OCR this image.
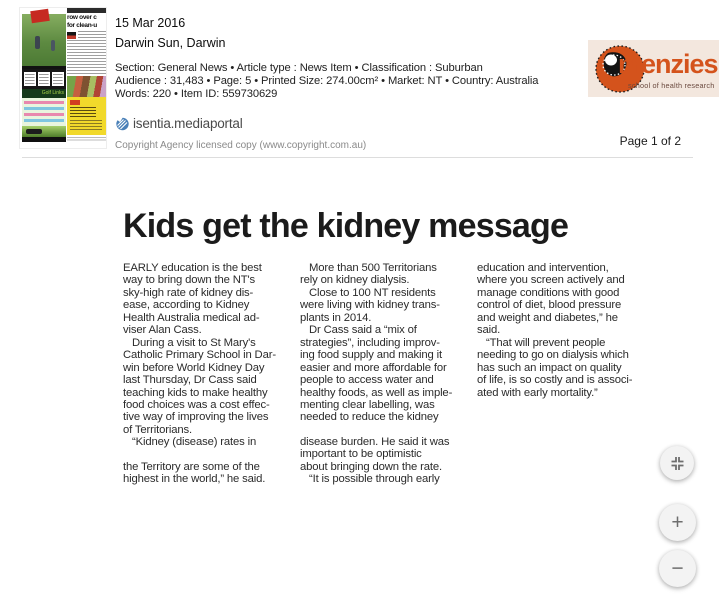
Golf Links
row over c
for clean-u	15 Mar 2016
Darwin Sun, Darwin
Section: General News • Article type : News Item • Classification : Suburban
Audience : 31,483 • Page: 5 • Printed Size: 274.00cm² • Market: NT • Country: Australia
Words: 220 • Item ID: 559730629
isentia.mediaportal
Copyright Agency licensed copy (www.copyright.com.au)
menzies
school of health research
Page 1 of 2
Kids get the kidney message
EARLY education is the best
way to bring down the NT's
sky-high rate of kidney dis-
ease, according to Kidney
Health Australia medical ad-
viser Alan Cass.
During a visit to St Mary's
Catholic Primary School in Dar-
win before World Kidney Day
last Thursday, Dr Cass said
teaching kids to make healthy
food choices was a cost effec-
tive way of improving the lives
of Territorians.
“Kidney (disease) rates in
the Territory are some of the
highest in the world,” he said.
More than 500 Territorians
rely on kidney dialysis.
Close to 100 NT residents
were living with kidney trans-
plants in 2014.
Dr Cass said a “mix of
strategies”, including improv-
ing food supply and making it
easier and more affordable for
people to access water and
healthy foods, as well as imple-
menting clear labelling, was
needed to reduce the kidney
disease burden. He said it was
important to be optimistic
about bringing down the rate.
“It is possible through early
education and intervention,
where you screen actively and
manage conditions with good
control of diet, blood pressure
and weight and diabetes,” he
said.
“That will prevent people
needing to go on dialysis which
has such an impact on quality
of life, is so costly and is associ-
ated with early mortality.”
+
−
